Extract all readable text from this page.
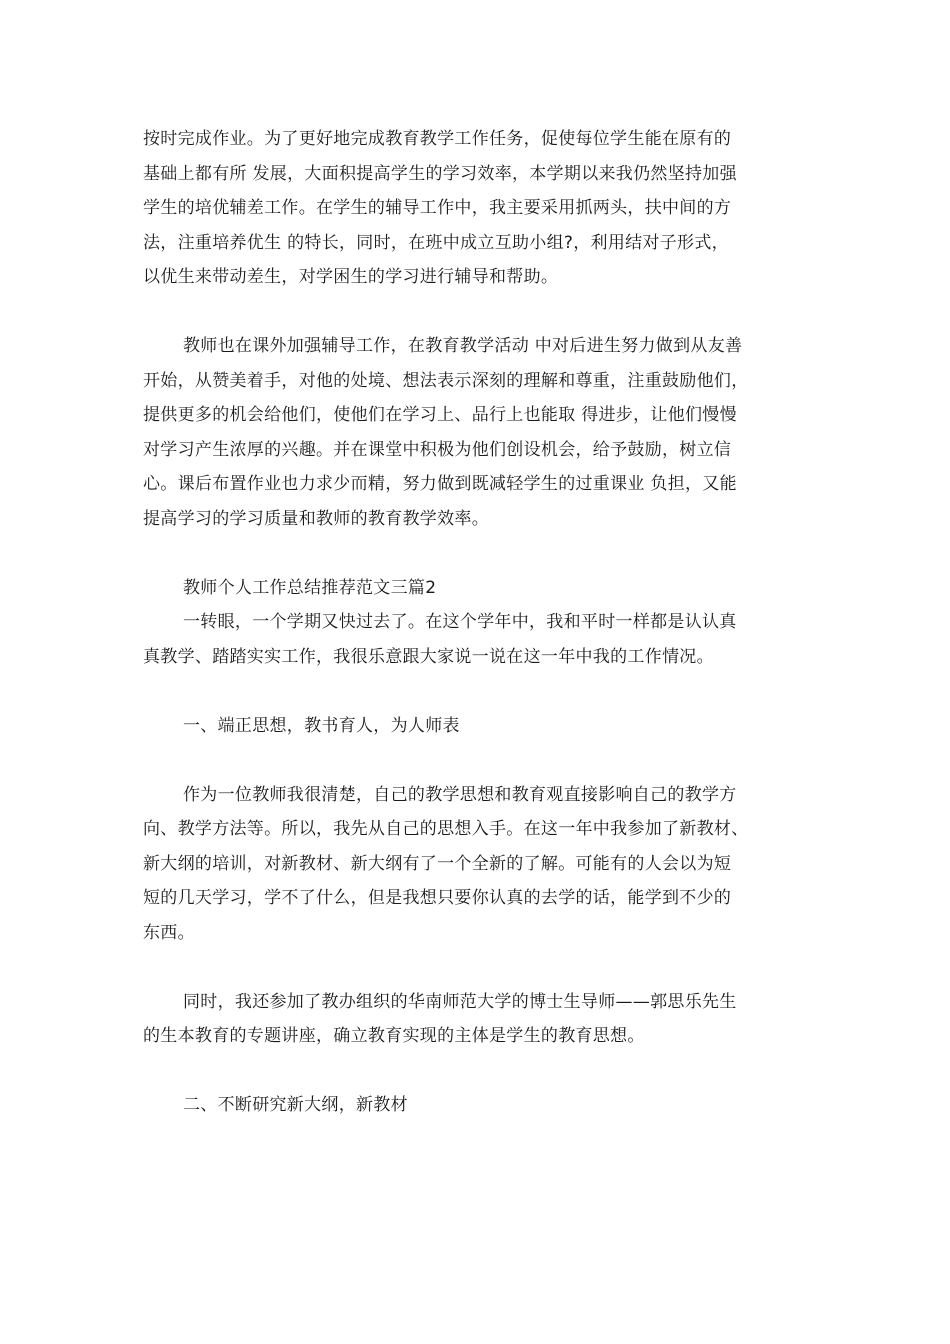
按时完成作业。为了更好地完成教育教学工作任务，促使每位学生能在原有的
基础上都有所 发展，大面积提高学生的学习效率，本学期以来我仍然坚持加强
学生的培优辅差工作。在学生的辅导工作中，我主要采用抓两头，扶中间的方
法，注重培养优生 的特长，同时，在班中成立互助小组?，利用结对子形式，
以优生来带动差生，对学困生的学习进行辅导和帮助。

教师也在课外加强辅导工作，在教育教学活动 中对后进生努力做到从友善
开始，从赞美着手，对他的处境、想法表示深刻的理解和尊重，注重鼓励他们，
提供更多的机会给他们，使他们在学习上、品行上也能取 得进步，让他们慢慢
对学习产生浓厚的兴趣。并在课堂中积极为他们创设机会，给予鼓励，树立信
心。课后布置作业也力求少而精，努力做到既减轻学生的过重课业 负担，又能
提高学习的学习质量和教师的教育教学效率。

教师个人工作总结推荐范文三篇2

一转眼，一个学期又快过去了。在这个学年中，我和平时一样都是认认真
真教学、踏踏实实工作，我很乐意跟大家说一说在这一年中我的工作情况。

一、端正思想，教书育人，为人师表

作为一位教师我很清楚，自己的教学思想和教育观直接影响自己的教学方
向、教学方法等。所以，我先从自己的思想入手。在这一年中我参加了新教材、
新大纲的培训，对新教材、新大纲有了一个全新的了解。可能有的人会以为短
短的几天学习，学不了什么，但是我想只要你认真的去学的话，能学到不少的
东西。

同时，我还参加了教办组织的华南师范大学的博士生导师——郭思乐先生
的生本教育的专题讲座，确立教育实现的主体是学生的教育思想。

二、不断研究新大纲，新教材
